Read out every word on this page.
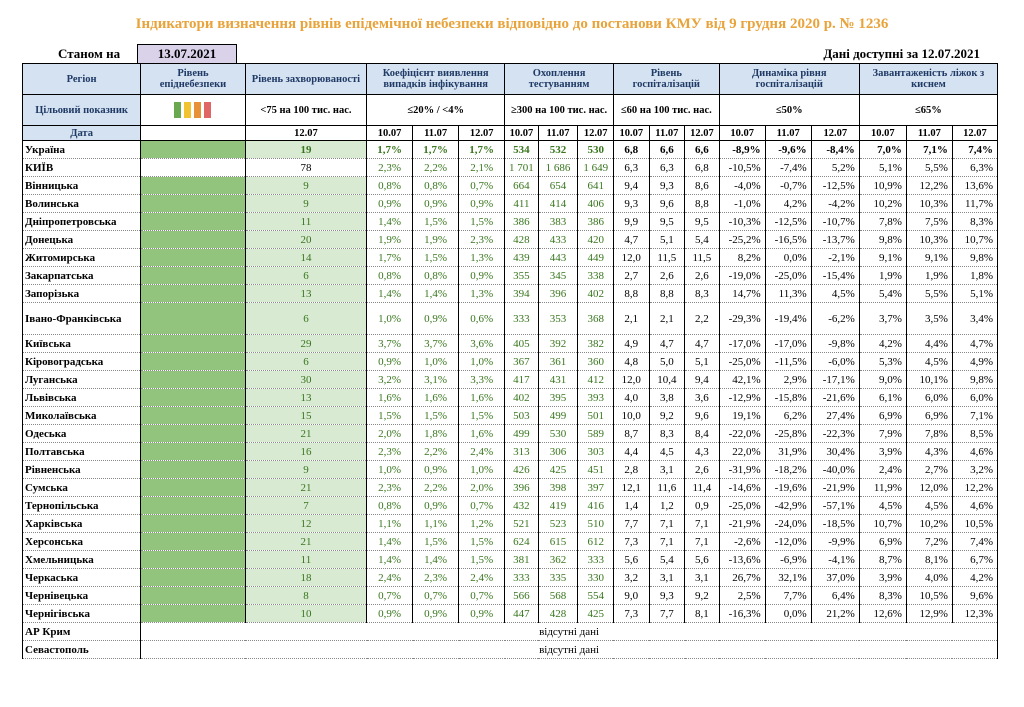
Індикатори визначення рівнів епідемічної небезпеки відповідно до постанови КМУ від 9 грудня 2020 р. № 1236
Станом на	13.07.2021	Дані доступні за 12.07.2021
Регіон	Рівень епіднебезпеки	Рівень захворюваності	Коефіцієнт виявлення випадків інфікування			Охоплення тестуванням			Рівень госпіталізацій			Динаміка рівня госпіталізацій			Завантаженість ліжок з киснем		
Цільовий показник		<75 на 100 тис. нас.	≤20% / <4%			≥300 на 100 тис. нас.			≤60 на 100 тис. нас.			≤50%			≤65%		
Дата		12.07	10.07	11.07	12.07	10.07	11.07	12.07	10.07	11.07	12.07	10.07	11.07	12.07	10.07	11.07	12.07
Україна		19	1,7%	1,7%	1,7%	534	532	530	6,8	6,6	6,6	-8,9%	-9,6%	-8,4%	7,0%	7,1%	7,4%
КИЇВ		78	2,3%	2,2%	2,1%	1 701	1 686	1 649	6,3	6,3	6,8	-10,5%	-7,4%	5,2%	5,1%	5,5%	6,3%
Вінницька		9	0,8%	0,8%	0,7%	664	654	641	9,4	9,3	8,6	-4,0%	-0,7%	-12,5%	10,9%	12,2%	13,6%
Волинська		9	0,9%	0,9%	0,9%	411	414	406	9,3	9,6	8,8	-1,0%	4,2%	-4,2%	10,2%	10,3%	11,7%
Дніпропетровська		11	1,4%	1,5%	1,5%	386	383	386	9,9	9,5	9,5	-10,3%	-12,5%	-10,7%	7,8%	7,5%	8,3%
Донецька		20	1,9%	1,9%	2,3%	428	433	420	4,7	5,1	5,4	-25,2%	-16,5%	-13,7%	9,8%	10,3%	10,7%
Житомирська		14	1,7%	1,5%	1,3%	439	443	449	12,0	11,5	11,5	8,2%	0,0%	-2,1%	9,1%	9,1%	9,8%
Закарпатська		6	0,8%	0,8%	0,9%	355	345	338	2,7	2,6	2,6	-19,0%	-25,0%	-15,4%	1,9%	1,9%	1,8%
Запорізька		13	1,4%	1,4%	1,3%	394	396	402	8,8	8,8	8,3	14,7%	11,3%	4,5%	5,4%	5,5%	5,1%
Івано-Франківська		6	1,0%	0,9%	0,6%	333	353	368	2,1	2,1	2,2	-29,3%	-19,4%	-6,2%	3,7%	3,5%	3,4%
Київська		29	3,7%	3,7%	3,6%	405	392	382	4,9	4,7	4,7	-17,0%	-17,0%	-9,8%	4,2%	4,4%	4,7%
Кіровоградська		6	0,9%	1,0%	1,0%	367	361	360	4,8	5,0	5,1	-25,0%	-11,5%	-6,0%	5,3%	4,5%	4,9%
Луганська		30	3,2%	3,1%	3,3%	417	431	412	12,0	10,4	9,4	42,1%	2,9%	-17,1%	9,0%	10,1%	9,8%
Львівська		13	1,6%	1,6%	1,6%	402	395	393	4,0	3,8	3,6	-12,9%	-15,8%	-21,6%	6,1%	6,0%	6,0%
Миколаївська		15	1,5%	1,5%	1,5%	503	499	501	10,0	9,2	9,6	19,1%	6,2%	27,4%	6,9%	6,9%	7,1%
Одеська		21	2,0%	1,8%	1,6%	499	530	589	8,7	8,3	8,4	-22,0%	-25,8%	-22,3%	7,9%	7,8%	8,5%
Полтавська		16	2,3%	2,2%	2,4%	313	306	303	4,4	4,5	4,3	22,0%	31,9%	30,4%	3,9%	4,3%	4,6%
Рівненська		9	1,0%	0,9%	1,0%	426	425	451	2,8	3,1	2,6	-31,9%	-18,2%	-40,0%	2,4%	2,7%	3,2%
Сумська		21	2,3%	2,2%	2,0%	396	398	397	12,1	11,6	11,4	-14,6%	-19,6%	-21,9%	11,9%	12,0%	12,2%
Тернопільська		7	0,8%	0,9%	0,7%	432	419	416	1,4	1,2	0,9	-25,0%	-42,9%	-57,1%	4,5%	4,5%	4,6%
Харківська		12	1,1%	1,1%	1,2%	521	523	510	7,7	7,1	7,1	-21,9%	-24,0%	-18,5%	10,7%	10,2%	10,5%
Херсонська		21	1,4%	1,5%	1,5%	624	615	612	7,3	7,1	7,1	-2,6%	-12,0%	-9,9%	6,9%	7,2%	7,4%
Хмельницька		11	1,4%	1,4%	1,5%	381	362	333	5,6	5,4	5,6	-13,6%	-6,9%	-4,1%	8,7%	8,1%	6,7%
Черкаська		18	2,4%	2,3%	2,4%	333	335	330	3,2	3,1	3,1	26,7%	32,1%	37,0%	3,9%	4,0%	4,2%
Чернівецька		8	0,7%	0,7%	0,7%	566	568	554	9,0	9,3	9,2	2,5%	7,7%	6,4%	8,3%	10,5%	9,6%
Чернігівська		10	0,9%	0,9%	0,9%	447	428	425	7,3	7,7	8,1	-16,3%	0,0%	21,2%	12,6%	12,9%	12,3%
АР Крим	відсутні дані																
Севастополь	відсутні дані																
